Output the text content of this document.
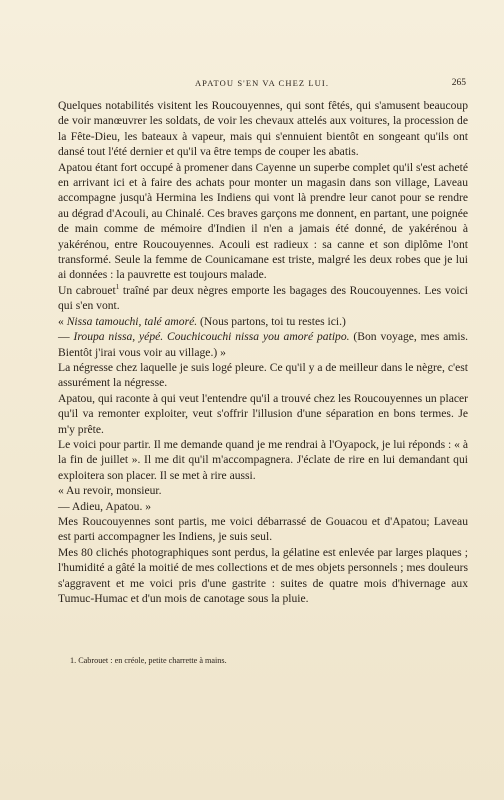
APATOU S'EN VA CHEZ LUI.	265

Quelques notabilités visitent les Roucouyennes, qui sont fêtés, qui s'amusent beaucoup de voir manœuvrer les soldats, de voir les chevaux attelés aux voitures, la procession de la Fête-Dieu, les bateaux à vapeur, mais qui s'ennuient bientôt en songeant qu'ils ont dansé tout l'été dernier et qu'il va être temps de couper les abatis.

Apatou étant fort occupé à promener dans Cayenne un superbe complet qu'il s'est acheté en arrivant ici et à faire des achats pour monter un magasin dans son village, Laveau accompagne jusqu'à Hermina les Indiens qui vont là prendre leur canot pour se rendre au dégrad d'Acouli, au Chinalé. Ces braves garçons me donnent, en partant, une poignée de main comme de mémoire d'Indien il n'en a jamais été donné, de yakérénou à yakérénou, entre Roucouyennes. Acouli est radieux : sa canne et son diplôme l'ont transformé. Seule la femme de Counicamane est triste, malgré les deux robes que je lui ai données : la pauvrette est toujours malade.

Un cabrouet$^1$ traîné par deux nègres emporte les bagages des Roucouyennes. Les voici qui s'en vont.

« Nissa tamouchi, talé amoré. (Nous partons, toi tu restes ici.)

— Iroupa nissa, yépé. Couchicouchi nissa you amoré patipo. (Bon voyage, mes amis. Bientôt j'irai vous voir au village.) »

La négresse chez laquelle je suis logé pleure. Ce qu'il y a de meilleur dans le nègre, c'est assurément la négresse.

Apatou, qui raconte à qui veut l'entendre qu'il a trouvé chez les Roucouyennes un placer qu'il va remonter exploiter, veut s'offrir l'illusion d'une séparation en bons termes. Je m'y prête.

Le voici pour partir. Il me demande quand je me rendrai à l'Oyapock, je lui réponds : « à la fin de juillet ». Il me dit qu'il m'accompagnera. J'éclate de rire en lui demandant qui exploitera son placer. Il se met à rire aussi.

« Au revoir, monsieur.

— Adieu, Apatou. »

Mes Roucouyennes sont partis, me voici débarrassé de Gouacou et d'Apatou; Laveau est parti accompagner les Indiens, je suis seul.

Mes 80 clichés photographiques sont perdus, la gélatine est enlevée par larges plaques ; l'humidité a gâté la moitié de mes collections et de mes objets personnels ; mes douleurs s'aggravent et me voici pris d'une gastrite : suites de quatre mois d'hivernage aux Tumuc-Humac et d'un mois de canotage sous la pluie.

1. Cabrouet : en créole, petite charrette à mains.
